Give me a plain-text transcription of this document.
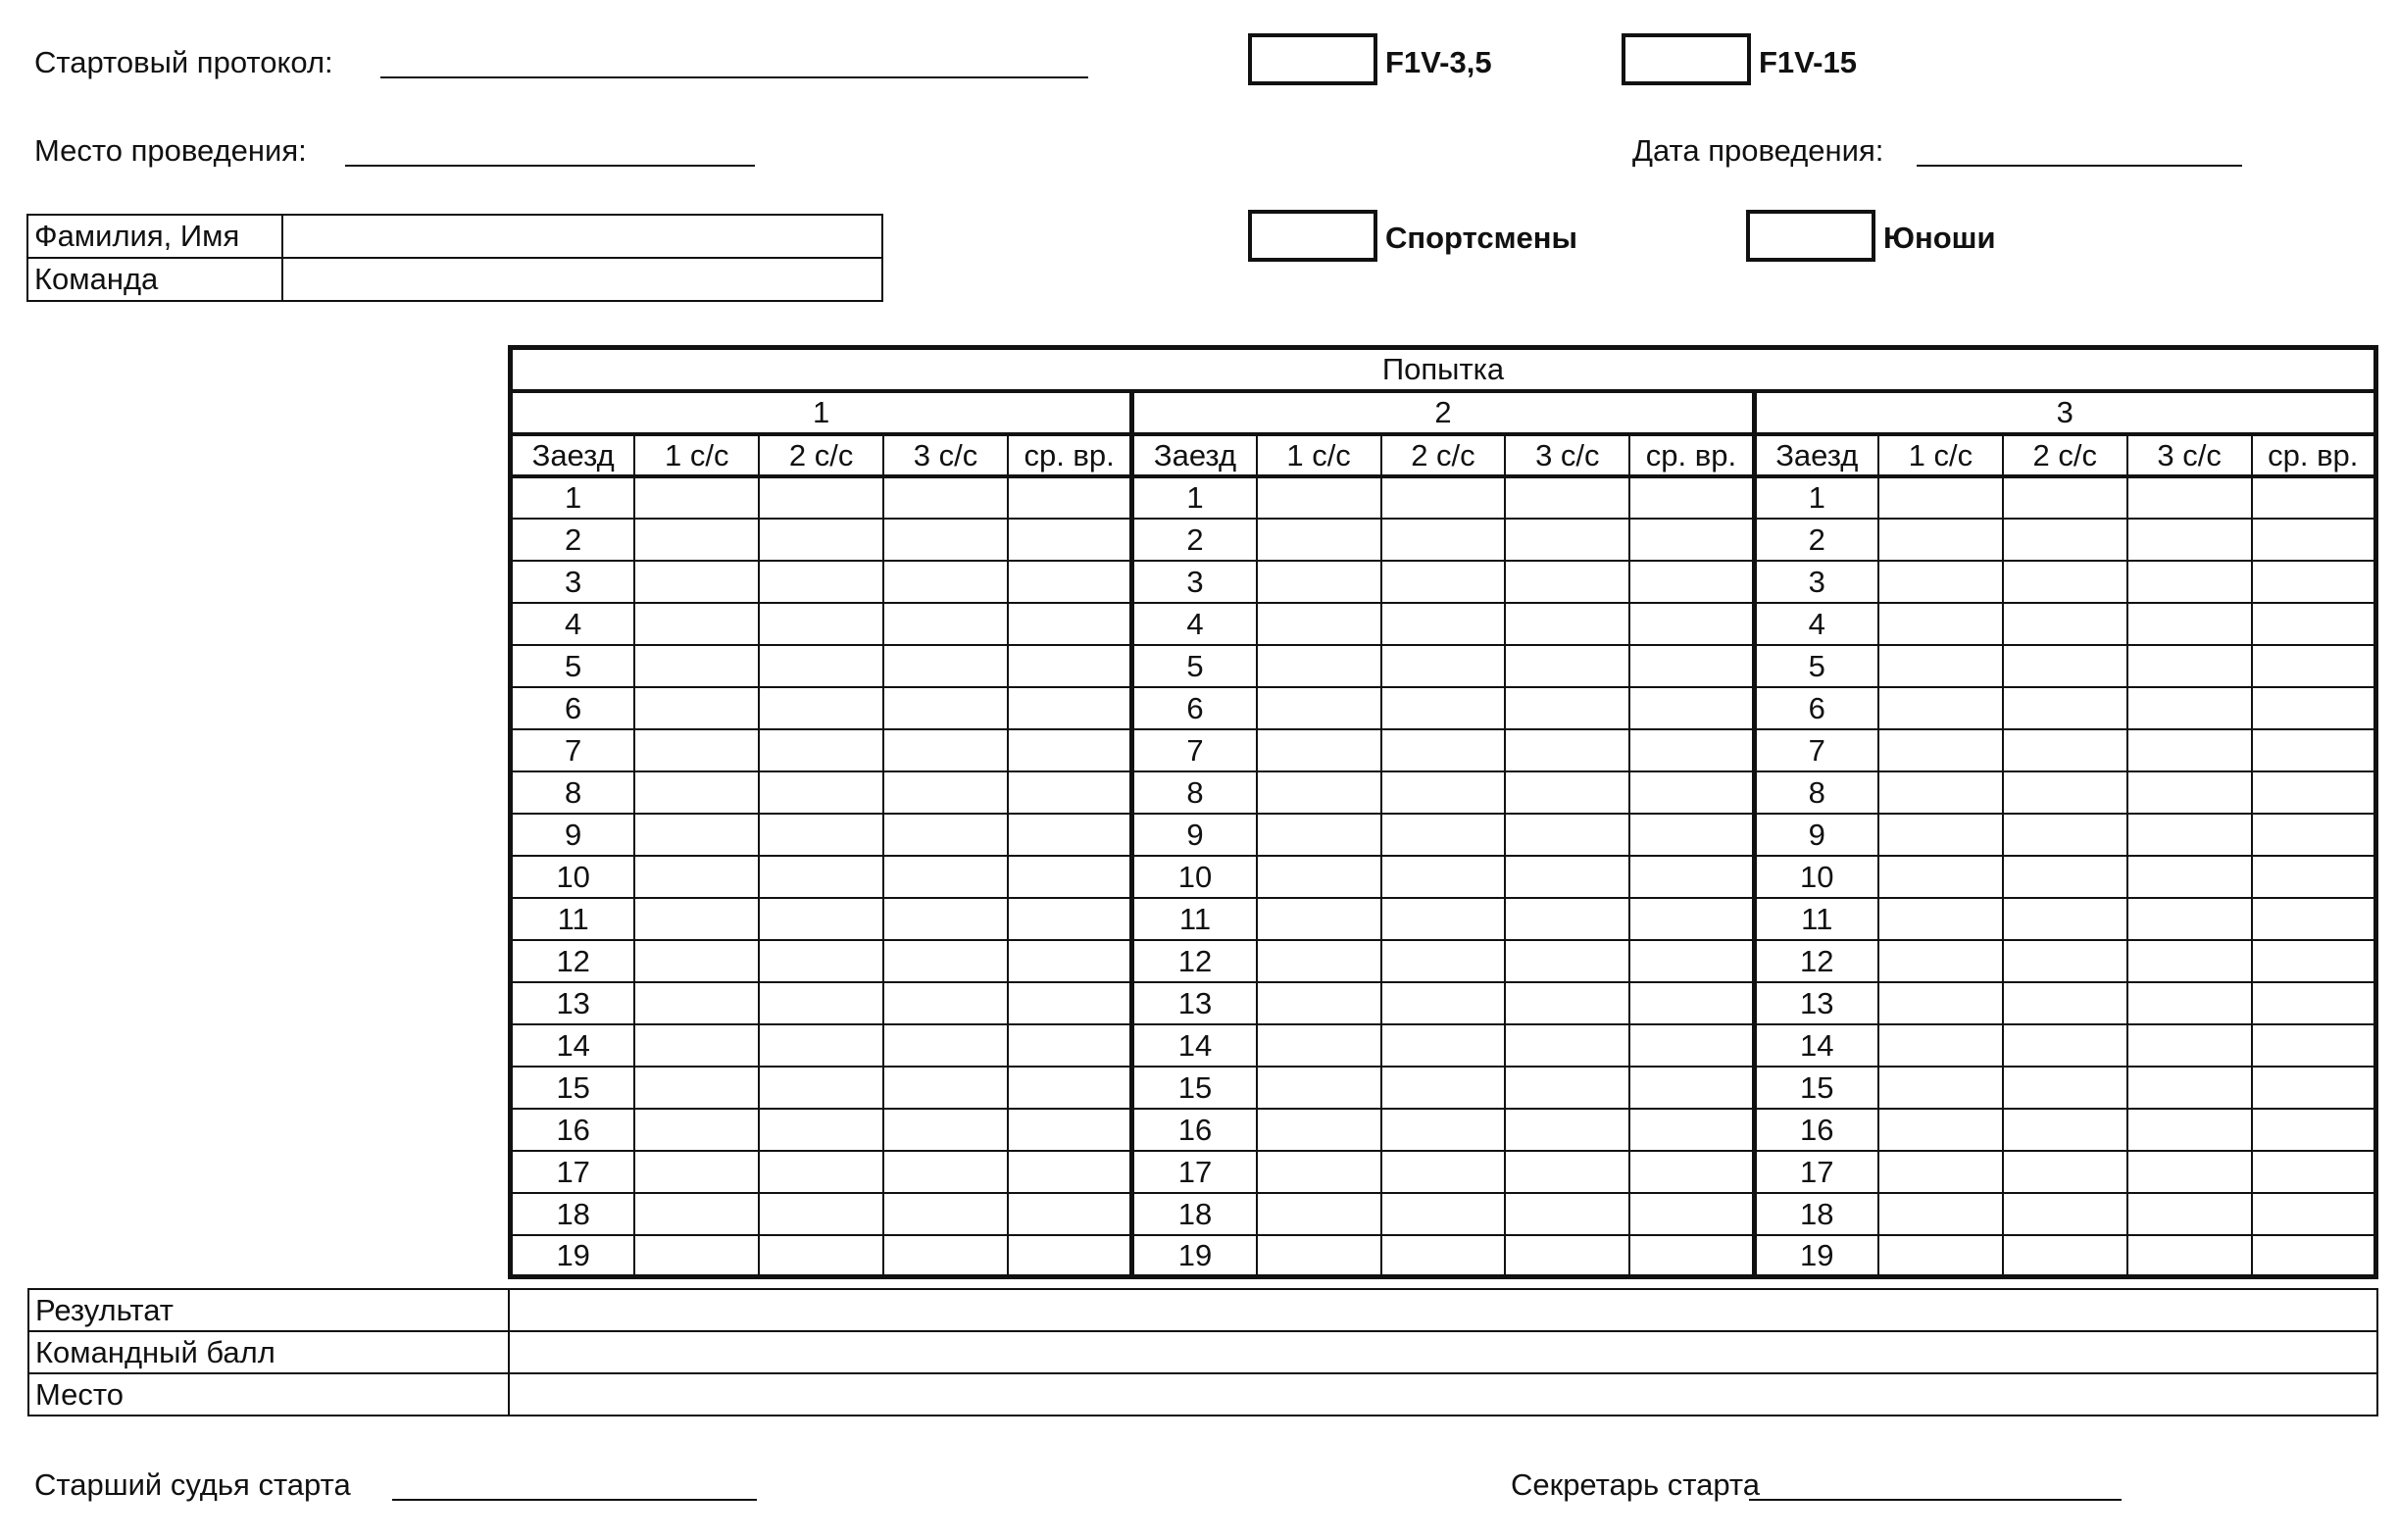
Стартовый протокол:	F1V-3,5	F1V-15
Место проведения:	Дата проведения:
Фамилия, Имя	
Команда	
Спортсмены	Юноши
Попытка														
1					2					3				
Заезд	1 с/с	2 с/с	3 с/с	ср. вр.	Заезд	1 с/с	2 с/с	3 с/с	ср. вр.	Заезд	1 с/с	2 с/с	3 с/с	ср. вр.
1					1					1				
2					2					2				
3					3					3				
4					4					4				
5					5					5				
6					6					6				
7					7					7				
8					8					8				
9					9					9				
10					10					10				
11					11					11				
12					12					12				
13					13					13				
14					14					14				
15					15					15				
16					16					16				
17					17					17				
18					18					18				
19					19					19				
Результат	
Командный балл	
Место	
Старший судья старта	Секретарь старта
